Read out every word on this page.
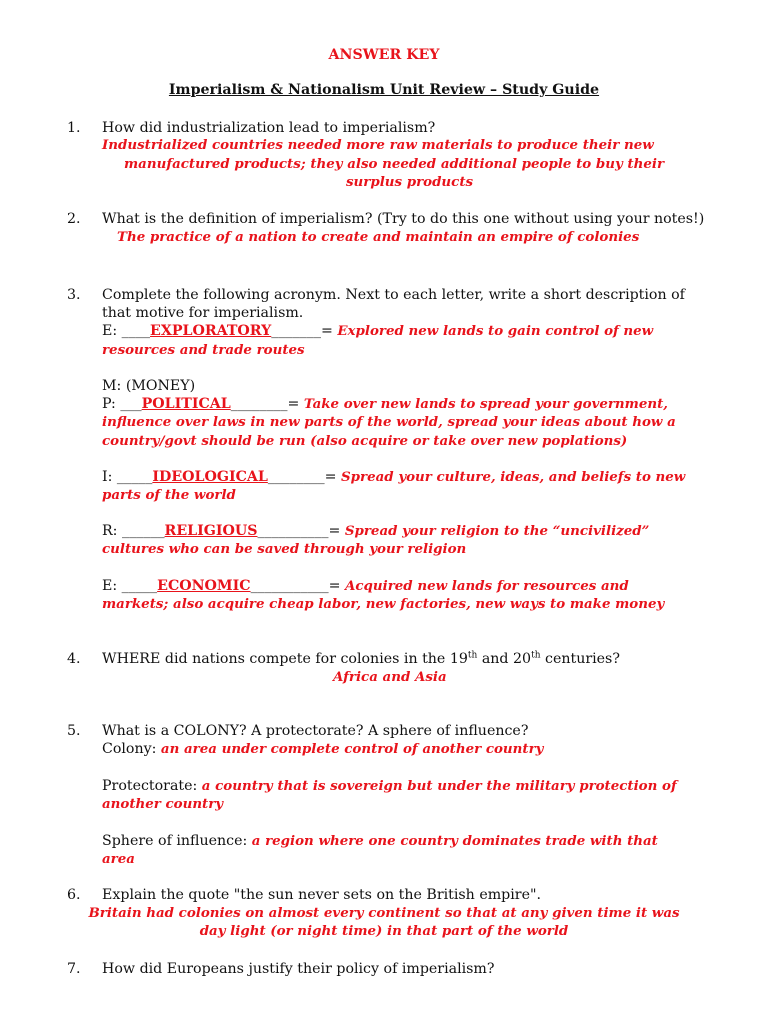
ANSWER KEY
Imperialism & Nationalism Unit Review – Study Guide
1. How did industrialization lead to imperialism?
Industrialized countries needed more raw materials to produce their new
manufactured products; they also needed additional people to buy their
surplus products
2. What is the definition of imperialism? (Try to do this one without using your notes!)
The practice of a nation to create and maintain an empire of colonies
3. Complete the following acronym. Next to each letter, write a short description of
that motive for imperialism.
E: ____EXPLORATORY_______= Explored new lands to gain control of new
resources and trade routes
M: (MONEY)
P: ___POLITICAL________= Take over new lands to spread your government,
influence over laws in new parts of the world, spread your ideas about how a
country/govt should be run (also acquire or take over new poplations)
I: _____IDEOLOGICAL________= Spread your culture, ideas, and beliefs to new
parts of the world
R: ______RELIGIOUS__________= Spread your religion to the “uncivilized”
cultures who can be saved through your religion
E: _____ECONOMIC___________= Acquired new lands for resources and
markets; also acquire cheap labor, new factories, new ways to make money
4. WHERE did nations compete for colonies in the 19th and 20th centuries?
Africa and Asia
5. What is a COLONY? A protectorate? A sphere of influence?
Colony: an area under complete control of another country
Protectorate: a country that is sovereign but under the military protection of
another country
Sphere of influence: a region where one country dominates trade with that
area
6. Explain the quote "the sun never sets on the British empire".
Britain had colonies on almost every continent so that at any given time it was
day light (or night time) in that part of the world
7. How did Europeans justify their policy of imperialism?
